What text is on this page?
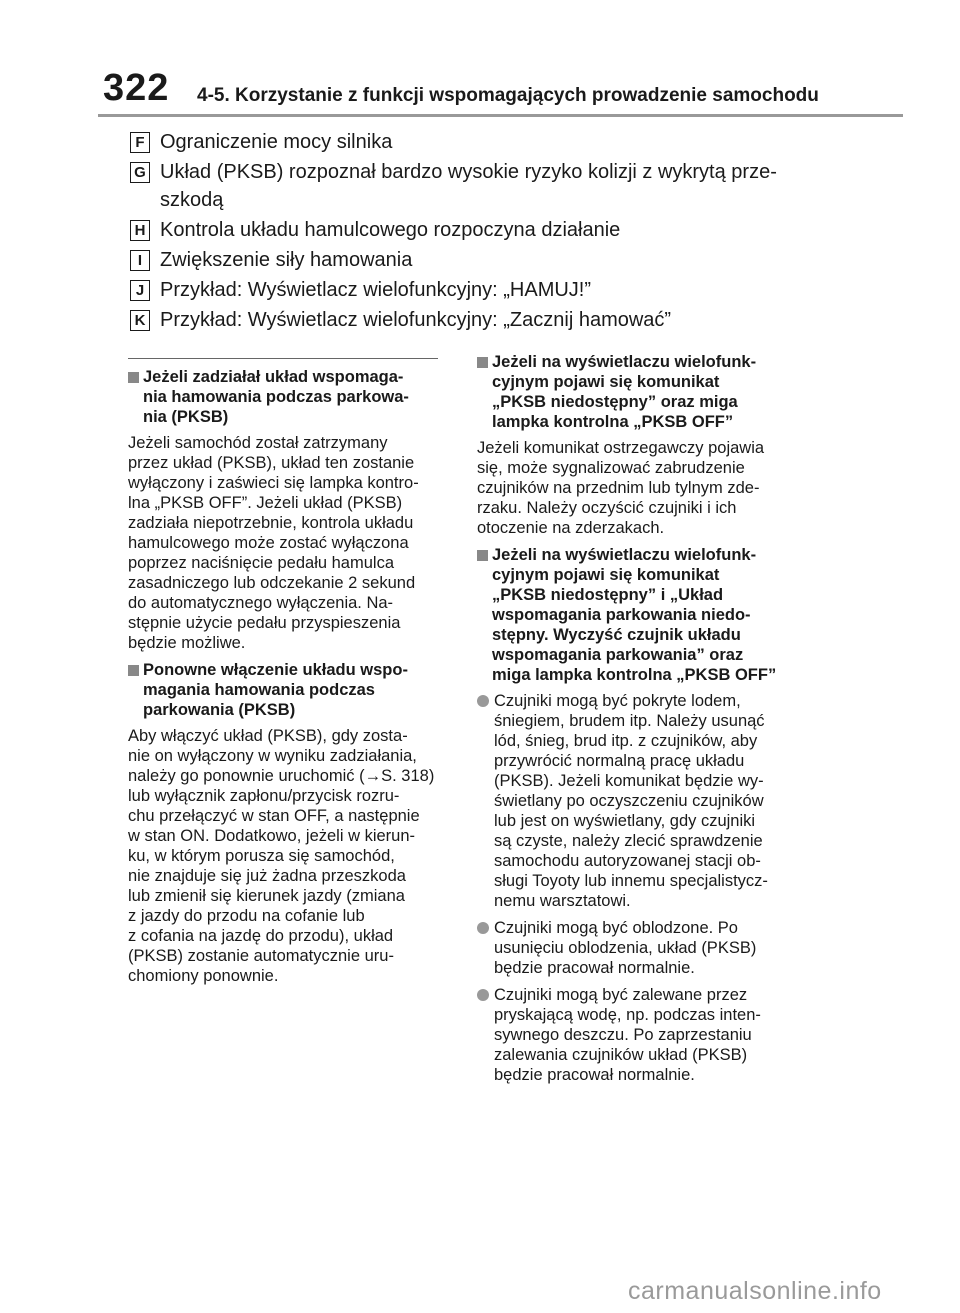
322 4-5. Korzystanie z funkcji wspomagających prowadzenie samochodu
F Ograniczenie mocy silnika
G Układ (PKSB) rozpoznał bardzo wysokie ryzyko kolizji z wykrytą prze-
szkodą
H Kontrola układu hamulcowego rozpoczyna działanie
I Zwiększenie siły hamowania
J Przykład: Wyświetlacz wielofunkcyjny: „HAMUJ!”
K Przykład: Wyświetlacz wielofunkcyjny: „Zacznij hamować”
Jeżeli zadziałał układ wspomaga-
nia hamowania podczas parkowa-
nia (PKSB)
Jeżeli samochód został zatrzymany
przez układ (PKSB), układ ten zostanie
wyłączony i zaświeci się lampka kontro-
lna „PKSB OFF”. Jeżeli układ (PKSB)
zadziała niepotrzebnie, kontrola układu
hamulcowego może zostać wyłączona
poprzez naciśnięcie pedału hamulca
zasadniczego lub odczekanie 2 sekund
do automatycznego wyłączenia. Na-
stępnie użycie pedału przyspieszenia
będzie możliwe.
Ponowne włączenie układu wspo-
magania hamowania podczas
parkowania (PKSB)
Aby włączyć układ (PKSB), gdy zosta-
nie on wyłączony w wyniku zadziałania,
należy go ponownie uruchomić (→S. 318)
lub wyłącznik zapłonu/przycisk rozru-
chu przełączyć w stan OFF, a następnie
w stan ON. Dodatkowo, jeżeli w kierun-
ku, w którym porusza się samochód,
nie znajduje się już żadna przeszkoda
lub zmienił się kierunek jazdy (zmiana
z jazdy do przodu na cofanie lub
z cofania na jazdę do przodu), układ
(PKSB) zostanie automatycznie uru-
chomiony ponownie.
Jeżeli na wyświetlaczu wielofunk-
cyjnym pojawi się komunikat
„PKSB niedostępny” oraz miga
lampka kontrolna „PKSB OFF”
Jeżeli komunikat ostrzegawczy pojawia
się, może sygnalizować zabrudzenie
czujników na przednim lub tylnym zde-
rzaku. Należy oczyścić czujniki i ich
otoczenie na zderzakach.
Jeżeli na wyświetlaczu wielofunk-
cyjnym pojawi się komunikat
„PKSB niedostępny” i „Układ
wspomagania parkowania niedo-
stępny. Wyczyść czujnik układu
wspomagania parkowania” oraz
miga lampka kontrolna „PKSB OFF”
Czujniki mogą być pokryte lodem,
śniegiem, brudem itp. Należy usunąć
lód, śnieg, brud itp. z czujników, aby
przywrócić normalną pracę układu
(PKSB). Jeżeli komunikat będzie wy-
świetlany po oczyszczeniu czujników
lub jest on wyświetlany, gdy czujniki
są czyste, należy zlecić sprawdzenie
samochodu autoryzowanej stacji ob-
sługi Toyoty lub innemu specjalistycz-
nemu warsztatowi.
Czujniki mogą być oblodzone. Po
usunięciu oblodzenia, układ (PKSB)
będzie pracował normalnie.
Czujniki mogą być zalewane przez
pryskającą wodę, np. podczas inten-
sywnego deszczu. Po zaprzestaniu
zalewania czujników układ (PKSB)
będzie pracował normalnie.
carmanualsonline.info
